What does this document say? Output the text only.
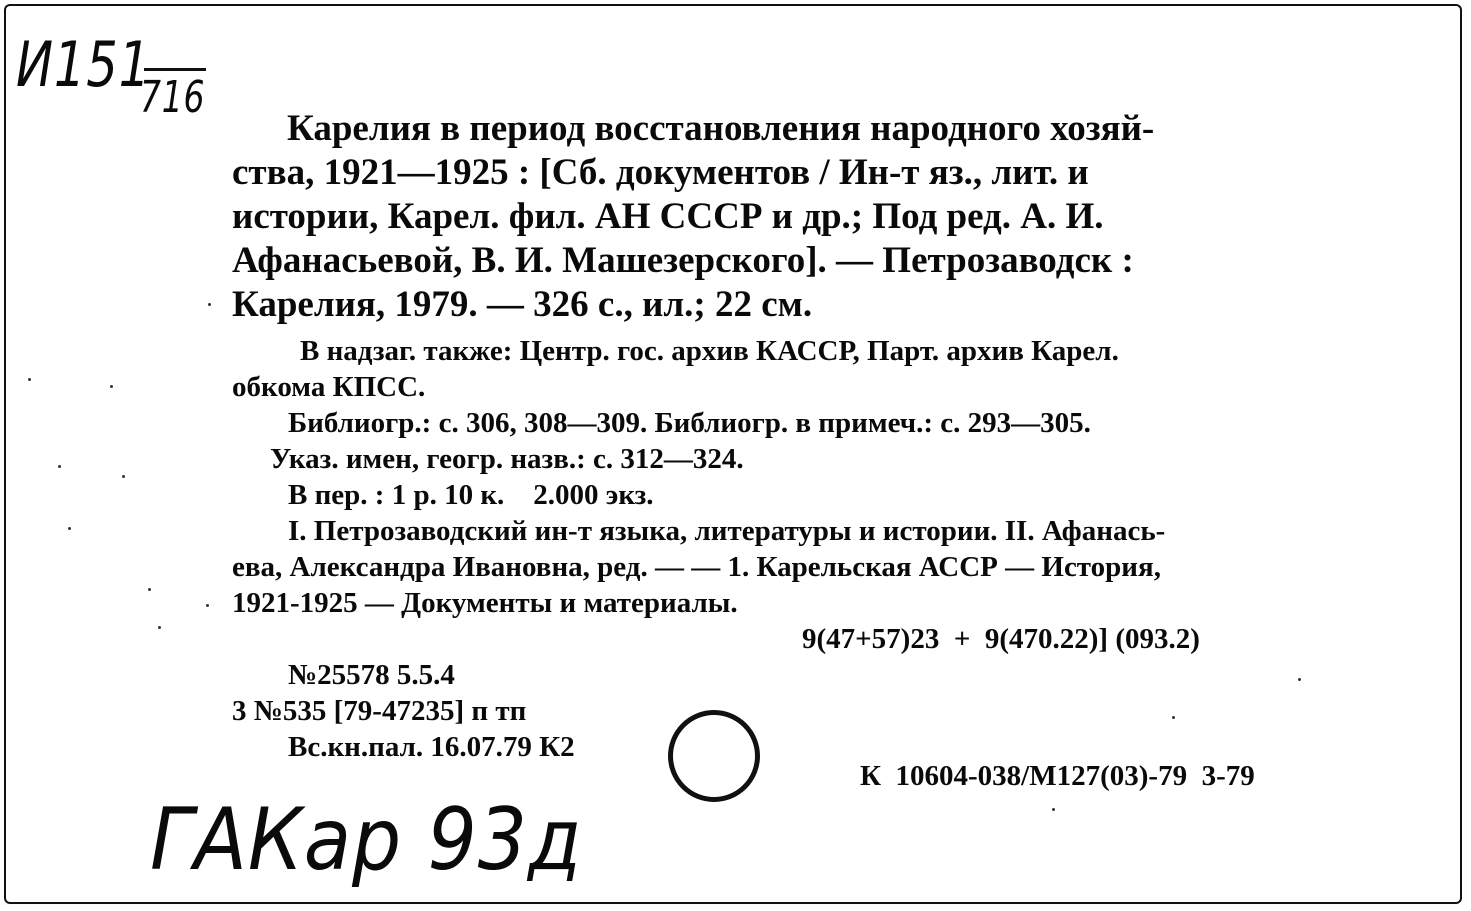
И151
716
ГАКар 93д
Карелия в период восстановления народного хозяй-
ства, 1921—1925 : [Сб. документов / Ин-т яз., лит. и
истории, Карел. фил. АН СССР и др.; Под ред. А. И.
Афанасьевой, В. И. Машезерского]. — Петрозаводск :
Карелия, 1979. — 326 с., ил.; 22 см.
В надзаг. также: Центр. гос. архив КАССР, Парт. архив Карел.
обкома КПСС.
Библиогр.: с. 306, 308—309. Библиогр. в примеч.: с. 293—305.
Указ. имен, геогр. назв.: с. 312—324.
В пер. : 1 р. 10 к.    2.000 экз.
I. Петрозаводский ин-т языка, литературы и истории. II. Афанась-
ева, Александра Ивановна, ред. — — 1. Карельская АССР — История,
1921-1925 — Документы и материалы.
9(47+57)23  +  9(470.22)] (093.2)
№25578 5.5.4
3 №535 [79-47235] п тп
Вс.кн.пал. 16.07.79 К2
К  10604-038/М127(03)-79  3-79
